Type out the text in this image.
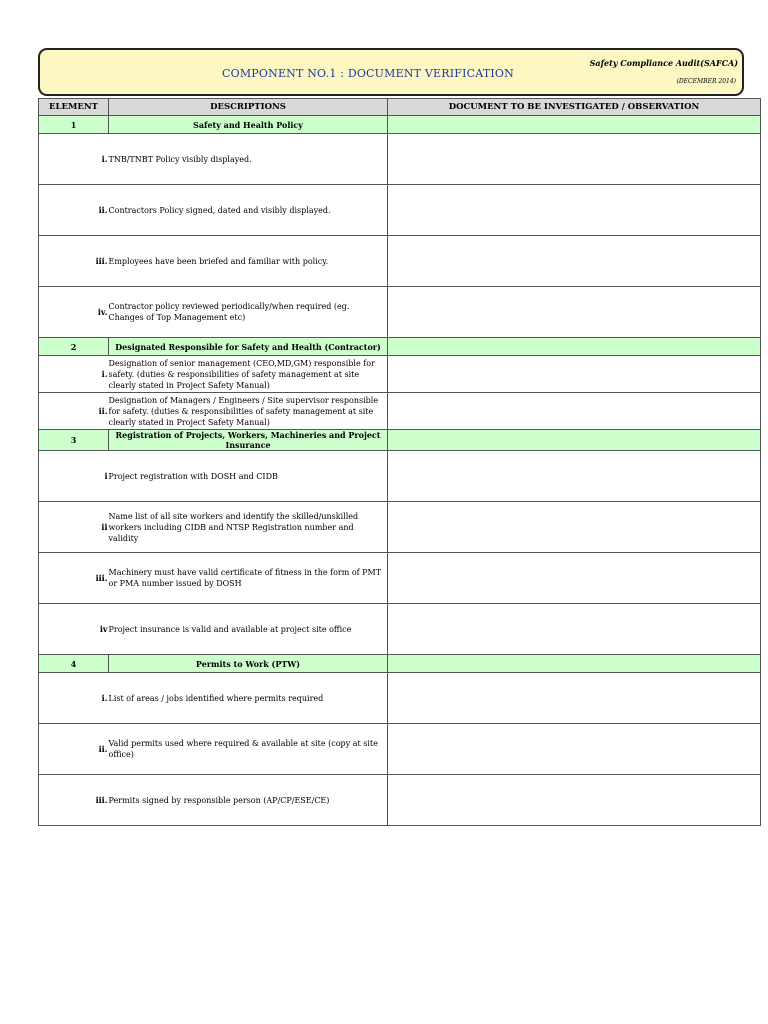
COMPONENT NO.1 : DOCUMENT VERIFICATION
Safety Compliance Audit(SAFCA)
(DECEMBER 2014)
ELEMENT	DESCRIPTIONS	DOCUMENT TO BE INVESTIGATED / OBSERVATION
1	Safety and Health Policy	

	i. TNB/TNBT Policy visibly displayed.	

	ii. Contractors Policy signed, dated and visibly displayed.	

	iii. Employees have been briefed and familiar with policy.	

	iv. Contractor policy reviewed periodically/when required (eg. Changes of Top Management etc)	

2	Designated Responsible for Safety and Health (Contractor)	

	i.
Designation of senior management (CEO,MD,GM) responsible for safety. (duties & responsibilities of safety management at site clearly stated in Project Safety Manual)	

	ii.
Designation of Managers / Engineers / Site supervisor responsible for safety. (duties & responsibilities of safety management at site clearly stated in Project Safety Manual)	

3	Registration of Projects, Workers, Machineries and Project Insurance	

	i Project registration with DOSH and CIDB	

	ii
Name list of all site workers and identify the skilled/unskilled workers including CIDB and NTSP Registration number and validity	

	iii. Machinery must have valid certificate of fitness in the form of PMT or PMA number issued by DOSH	

	iv Project insurance is valid and available at project site office	

4	Permits to Work (PTW)	

	i. List of areas / jobs identified where permits required	

	ii. Valid permits used where required & available at site (copy at site office)	

	iii. Permits signed by responsible person (AP/CP/ESE/CE)	
